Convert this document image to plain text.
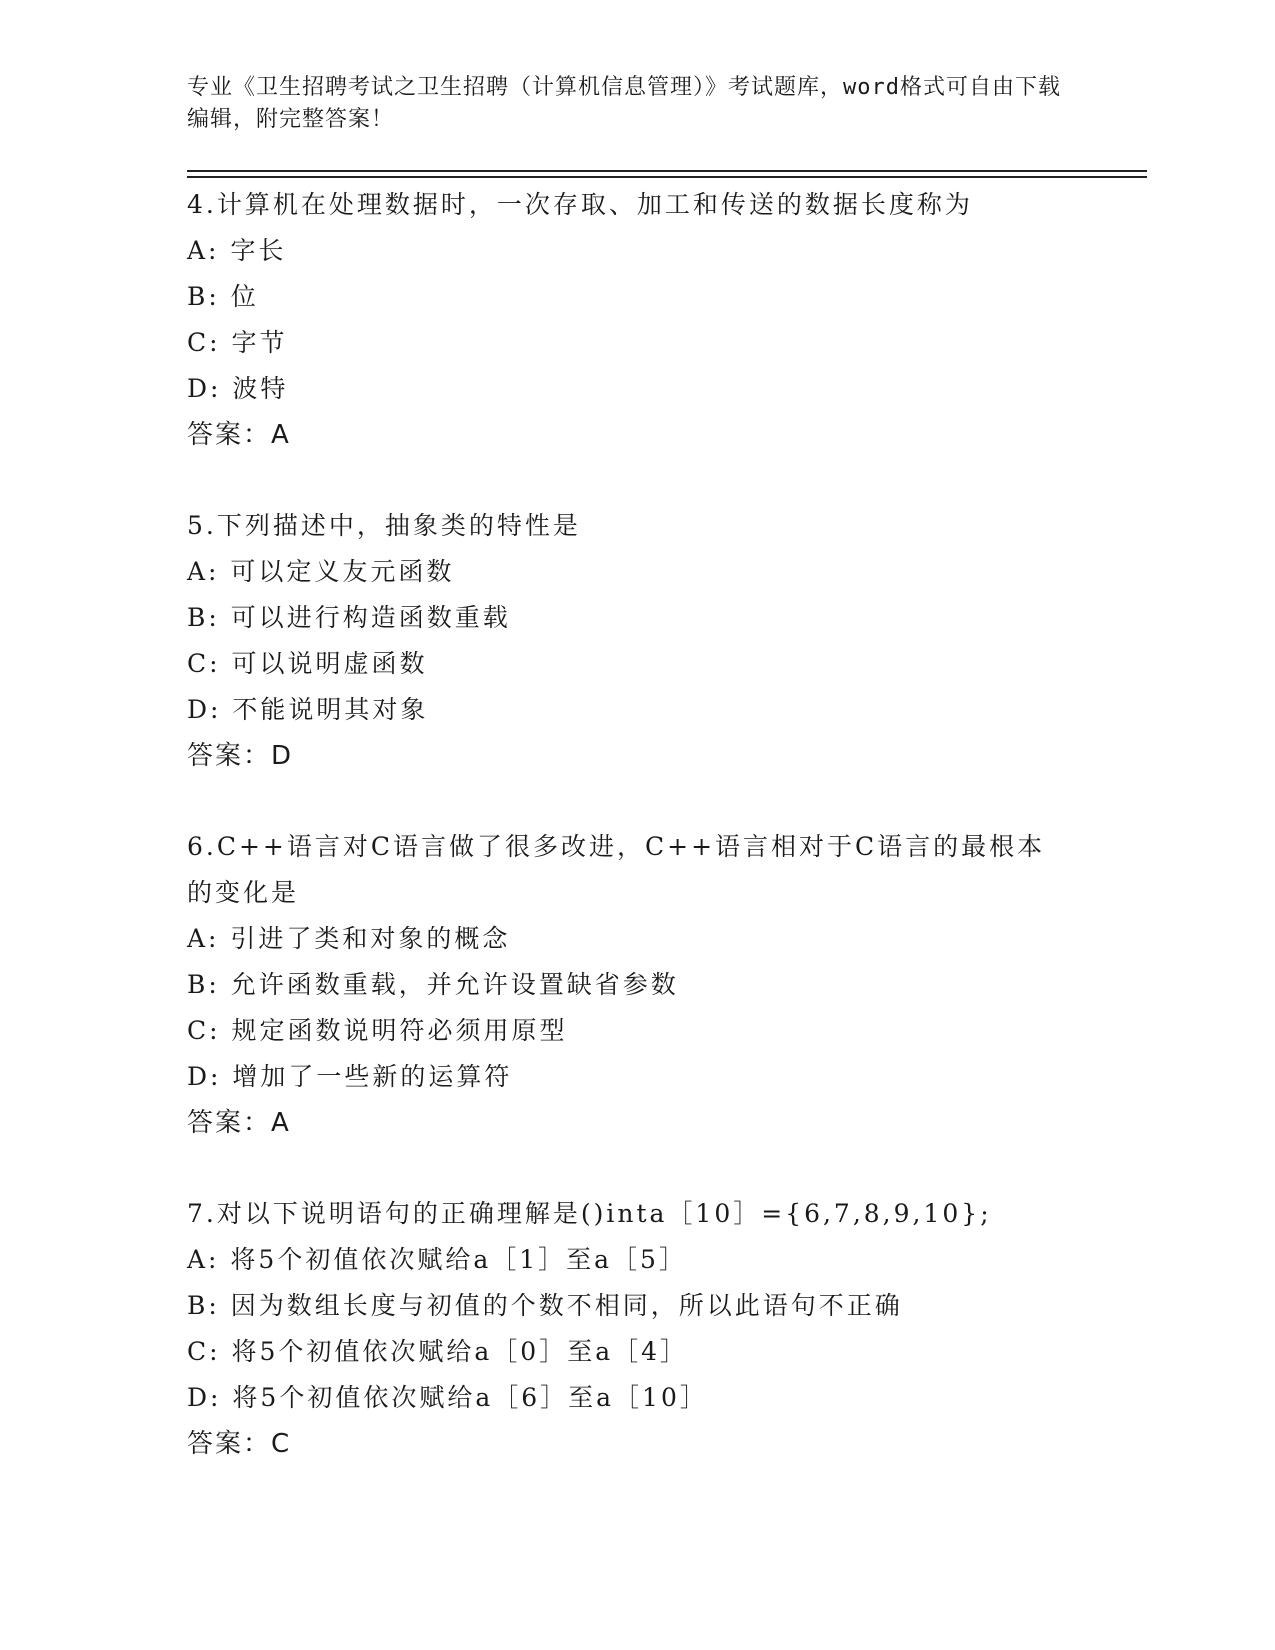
专业《卫生招聘考试之卫生招聘（计算机信息管理）》考试题库，word格式可自由下载编辑，附完整答案！

4.计算机在处理数据时，一次存取、加工和传送的数据长度称为

A: 字长

B: 位

C: 字节

D: 波特

答案：A

5.下列描述中，抽象类的特性是

A: 可以定义友元函数

B: 可以进行构造函数重载

C: 可以说明虚函数

D: 不能说明其对象

答案：D

6.C++语言对C语言做了很多改进，C++语言相对于C语言的最根本的变化是

A: 引进了类和对象的概念

B: 允许函数重载，并允许设置缺省参数

C: 规定函数说明符必须用原型

D: 增加了一些新的运算符

答案：A

7.对以下说明语句的正确理解是()inta［10］={6,7,8,9,10};

A: 将5个初值依次赋给a［1］至a［5］

B: 因为数组长度与初值的个数不相同，所以此语句不正确

C: 将5个初值依次赋给a［0］至a［4］

D: 将5个初值依次赋给a［6］至a［10］

答案：C
